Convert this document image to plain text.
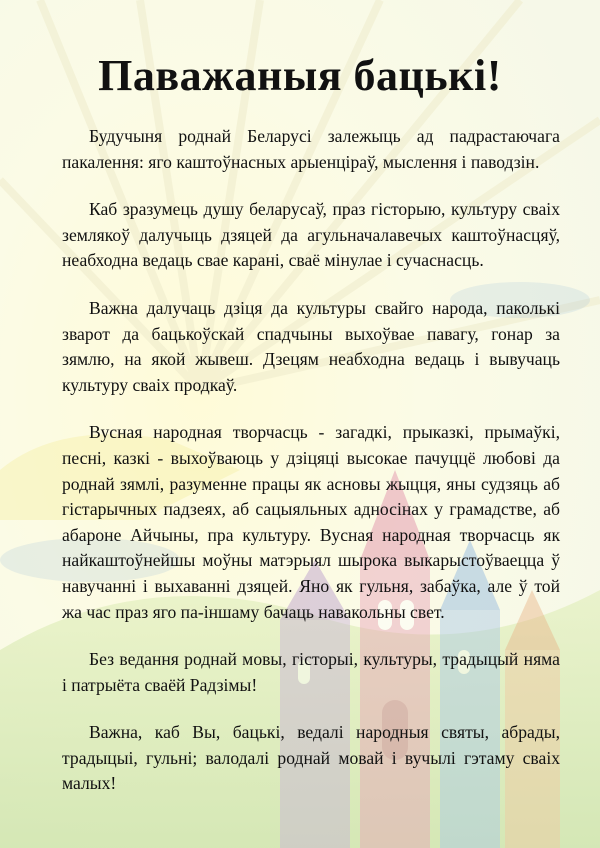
Паважаныя бацькі!

Будучыня роднай Беларусі залежыць ад падрастаючага пакалення: яго каштоўнасных арыенціраў, мыслення і паводзін.

Каб зразумець душу беларусаў, праз гісторыю, культуру сваіх землякоў далучыць дзяцей да агульначалавечых каштоўнасцяў, неабходна ведаць свае карані, сваё мінулае і сучаснасць.

Важна далучаць дзіця да культуры свайго народа, паколькі зварот да бацькоўскай спадчыны выхоўвае павагу, гонар за зямлю, на якой жывеш. Дзецям неабходна ведаць і вывучаць культуру сваіх продкаў.

Вусная народная творчасць - загадкі, прыказкі, прымаўкі, песні, казкі - выхоўваюць у дзіцяці высокае пачуццё любові да роднай зямлі, разуменне працы як асновы жыцця, яны судзяць аб гістарычных падзеях, аб сацыяльных адносінах у грамадстве, аб абароне Айчыны, пра культуру. Вусная народная творчасць як найкаштоўнейшы моўны матэрыял шырока выкарыстоўваецца ў навучанні і выхаванні дзяцей. Яно як гульня, забаўка, але ў той жа час праз яго па-іншаму бачаць навакольны свет.

Без ведання роднай мовы, гісторыі, культуры, традыцый няма і патрыёта сваёй Радзімы!

Важна, каб Вы, бацькі, ведалі народныя святы, абрады, традыцыі, гульні; валодалі роднай мовай і вучылі гэтаму сваіх малых!
